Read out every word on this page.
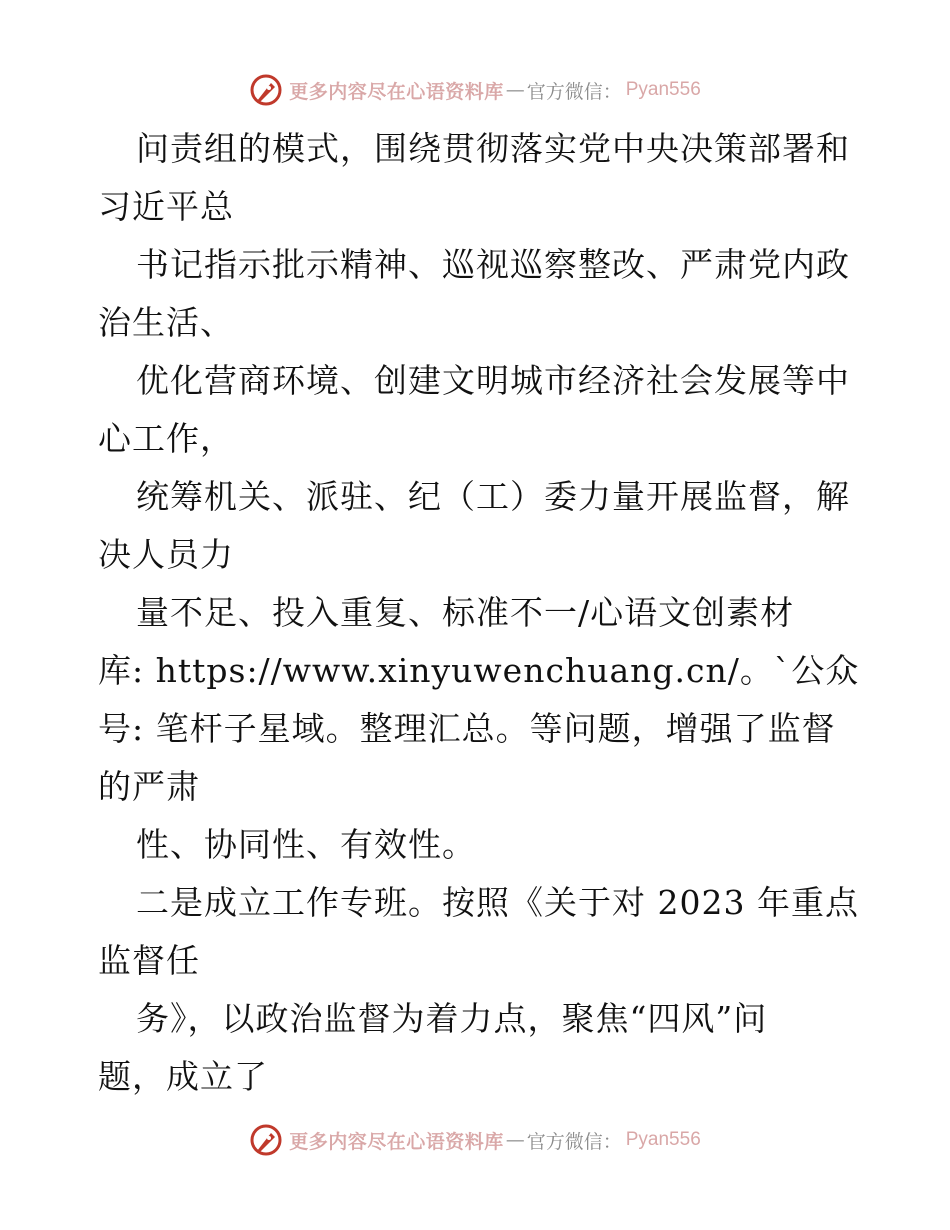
更多内容尽在心语资料库 — 官方微信： Pyan556
问责组的模式，围绕贯彻落实党中央决策部署和
习近平总
书记指示批示精神、巡视巡察整改、严肃党内政
治生活、
优化营商环境、创建文明城市经济社会发展等中
心工作，
统筹机关、派驻、纪（工）委力量开展监督，解
决人员力
量不足、投入重复、标准不一/心语文创素材
库: https://www.xinyuwenchuang.cn/。`公众
号: 笔杆子星域。整理汇总。等问题，增强了监督
的严肃
性、协同性、有效性。
二是成立工作专班。按照《关于对 2023 年重点
监督任
务》，以政治监督为着力点，聚焦“四风”问
题，成立了
更多内容尽在心语资料库 — 官方微信： Pyan556
